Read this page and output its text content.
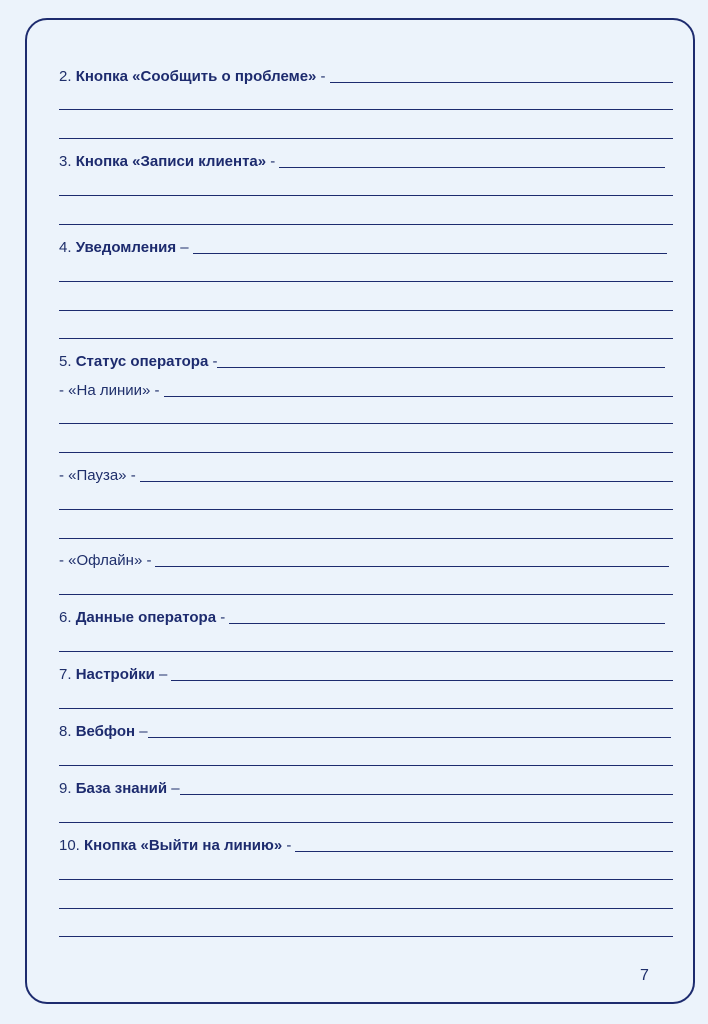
2. Кнопка «Сообщить о проблеме» -
3. Кнопка «Записи клиента» -
4. Уведомления –
5. Статус оператора -
- «На линии» -
- «Пауза» -
- «Офлайн» -
6. Данные оператора -
7. Настройки –
8. Вебфон –
9. База знаний –
10. Кнопка «Выйти на линию» -
7
